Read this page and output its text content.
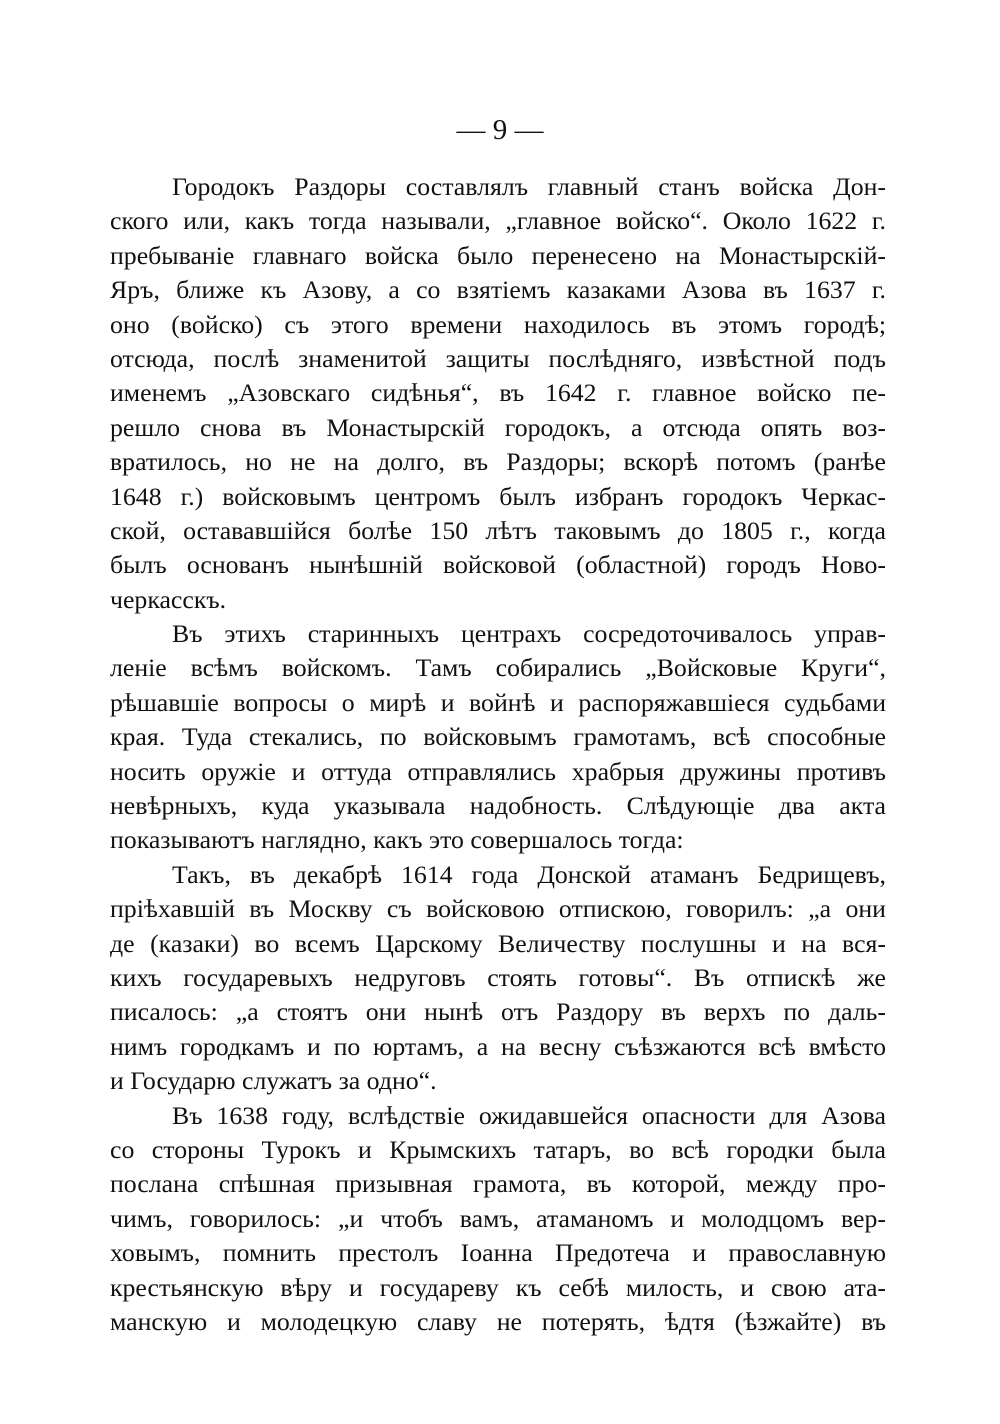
— 9 —
Городокъ Раздоры составлялъ главный станъ войска Дон-
ского или, какъ тогда называли, „главное войско“. Около 1622 г.
пребываніе главнаго войска было перенесено на Монастырскій-
Яръ, ближе къ Азову, а со взятіемъ казаками Азова въ 1637 г.
оно (войско) съ этого времени находилось въ этомъ городѣ;
отсюда, послѣ знаменитой защиты послѣдняго, извѣстной подъ
именемъ „Азовскаго сидѣнья“, въ 1642 г. главное войско пе-
решло снова въ Монастырскій городокъ, а отсюда опять воз-
вратилось, но не на долго, въ Раздоры; вскорѣ потомъ (ранѣе
1648 г.) войсковымъ центромъ былъ избранъ городокъ Черкас-
ской, остававшійся болѣе 150 лѣтъ таковымъ до 1805 г., когда
былъ основанъ нынѣшній войсковой (областной) городъ Ново-
черкасскъ.
Въ этихъ старинныхъ центрахъ сосредоточивалось управ-
леніе всѣмъ войскомъ. Тамъ собирались „Войсковые Круги“,
рѣшавшіе вопросы о мирѣ и войнѣ и распоряжавшіеся судьбами
края. Туда стекались, по войсковымъ грамотамъ, всѣ способные
носить оружіе и оттуда отправлялись храбрыя дружины противъ
невѣрныхъ, куда указывала надобность. Слѣдующіе два акта
показываютъ наглядно, какъ это совершалось тогда:
Такъ, въ декабрѣ 1614 года Донской атаманъ Бедрищевъ,
пріѣхавшій въ Москву съ войсковою отпискою, говорилъ: „а они
де (казаки) во всемъ Царскому Величеству послушны и на вся-
кихъ государевыхъ недруговъ стоять готовы“. Въ отпискѣ же
писалось: „а стоятъ они нынѣ отъ Раздору въ верхъ по даль-
нимъ городкамъ и по юртамъ, а на весну съѣзжаются всѣ вмѣсто
и Государю служатъ за одно“.
Въ 1638 году, вслѣдствіе ожидавшейся опасности для Азова
со стороны Турокъ и Крымскихъ татаръ, во всѣ городки была
послана спѣшная призывная грамота, въ которой, между про-
чимъ, говорилось: „и чтобъ вамъ, атаманомъ и молодцомъ вер-
ховымъ, помнить престолъ Іоанна Предотеча и православную
крестьянскую вѣру и государеву къ себѣ милость, и свою ата-
манскую и молодецкую славу не потерять, ѣдтя (ѣзжайте) въ
